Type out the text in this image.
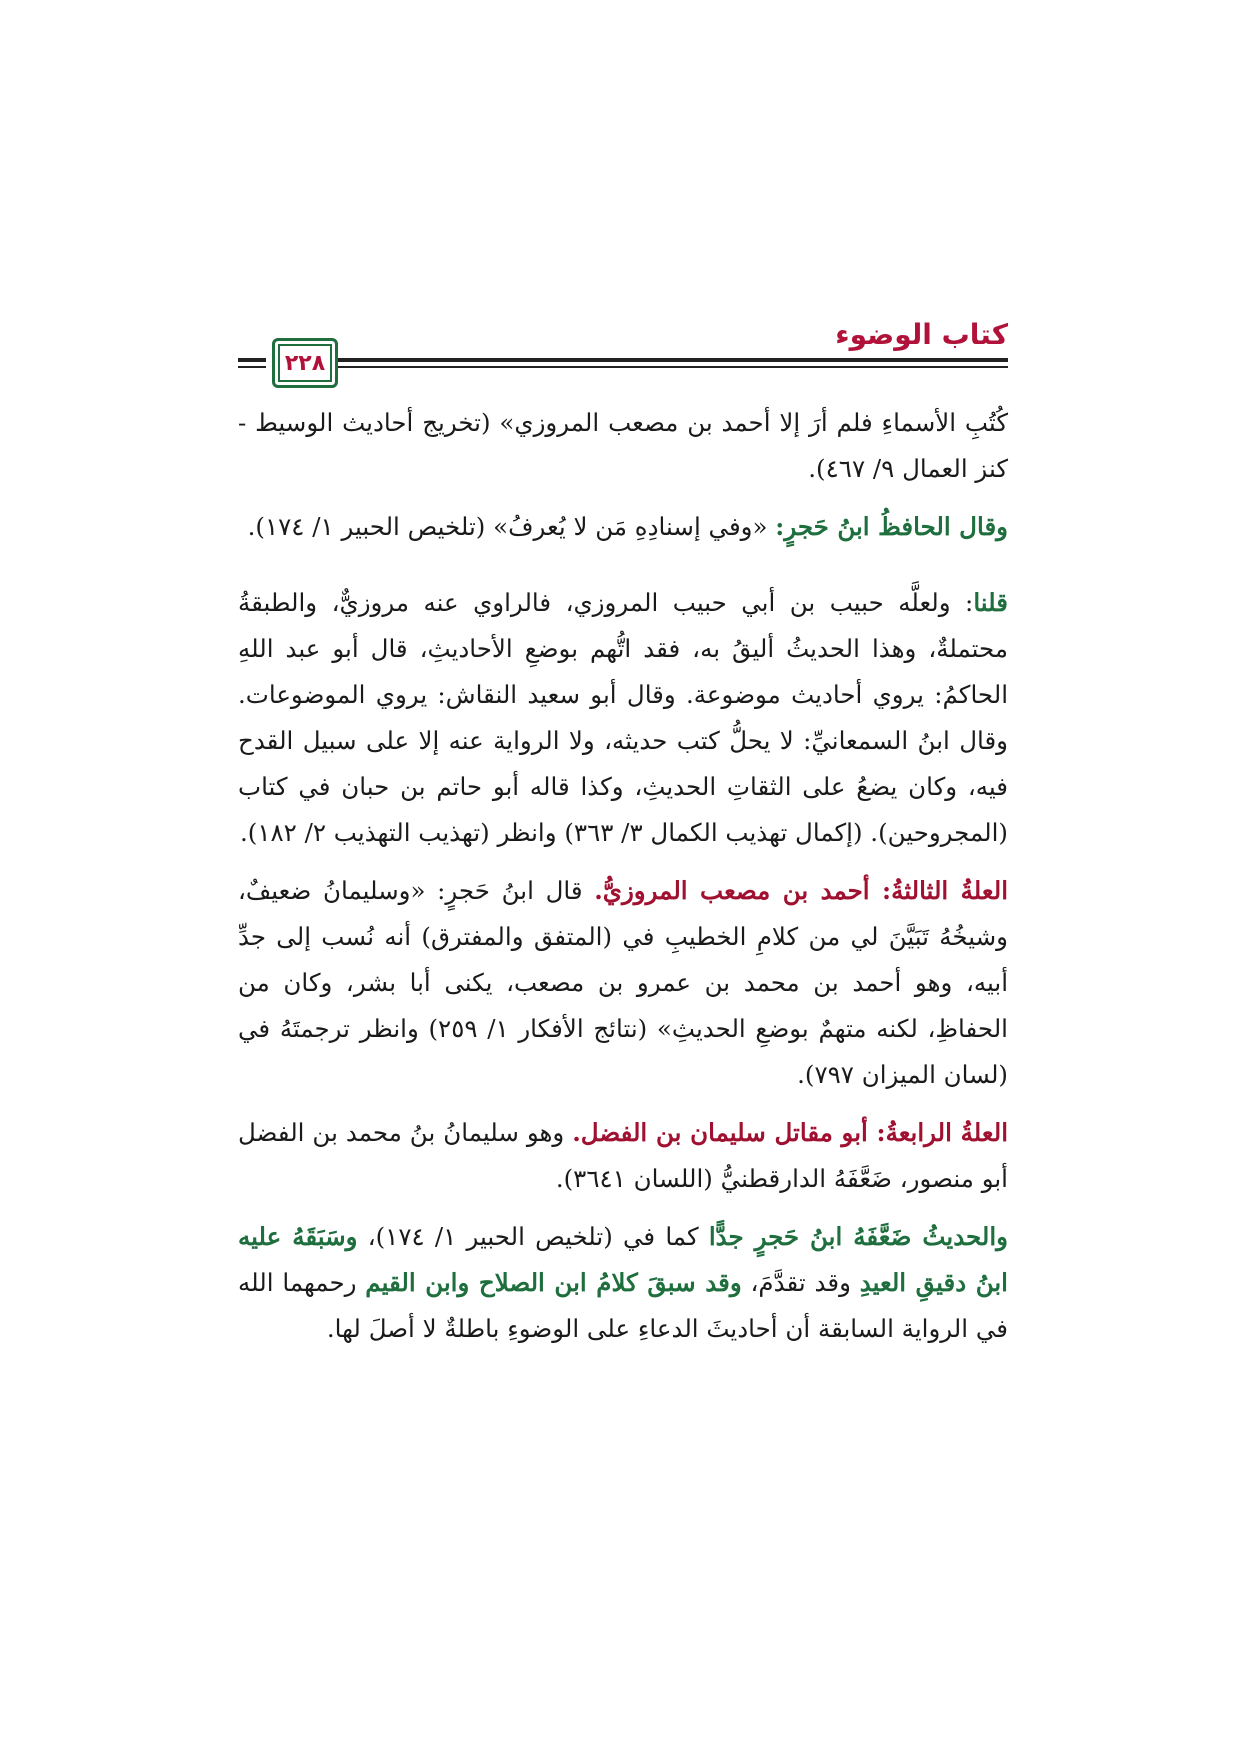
كتاب الوضوء
٢٢٨

كُتُبِ الأسماءِ فلم أرَ إلا أحمد بن مصعب المروزي» (تخريج أحاديث الوسيط - كنز العمال ٩/ ٤٦٧).

وقال الحافظُ ابنُ حَجرٍ: «وفي إسنادِهِ مَن لا يُعرفُ» (تلخيص الحبير ١/ ١٧٤).

قلنا: ولعلَّه حبيب بن أبي حبيب المروزي، فالراوي عنه مروزيٌّ، والطبقةُ محتملةٌ، وهذا الحديثُ أليقُ به، فقد اتُّهم بوضعِ الأحاديثِ، قال أبو عبد اللهِ الحاكمُ: يروي أحاديث موضوعة. وقال أبو سعيد النقاش: يروي الموضوعات. وقال ابنُ السمعانيِّ: لا يحلُّ كتب حديثه، ولا الرواية عنه إلا على سبيل القدح فيه، وكان يضعُ على الثقاتِ الحديثِ، وكذا قاله أبو حاتم بن حبان في كتاب (المجروحين). (إكمال تهذيب الكمال ٣/ ٣٦٣) وانظر (تهذيب التهذيب ٢/ ١٨٢).

العلةُ الثالثةُ: أحمد بن مصعب المروزيُّ. قال ابنُ حَجرٍ: «وسليمانُ ضعيفٌ، وشيخُهُ تَبَيَّنَ لي من كلامِ الخطيبِ في (المتفق والمفترق) أنه نُسب إلى جدِّ أبيه، وهو أحمد بن محمد بن عمرو بن مصعب، يكنى أبا بشر، وكان من الحفاظِ، لكنه متهمٌ بوضعِ الحديثِ» (نتائج الأفكار ١/ ٢٥٩) وانظر ترجمتَهُ في (لسان الميزان ٧٩٧).

العلةُ الرابعةُ: أبو مقاتل سليمان بن الفضل. وهو سليمانُ بنُ محمد بن الفضل أبو منصور، ضَعَّفَهُ الدارقطنيُّ (اللسان ٣٦٤١).

والحديثُ ضَعَّفَهُ ابنُ حَجرٍ جدًّا كما في (تلخيص الحبير ١/ ١٧٤)، وسَبَقَهُ عليه ابنُ دقيقِ العيدِ وقد تقدَّمَ، وقد سبقَ كلامُ ابن الصلاح وابن القيم رحمهما الله في الرواية السابقة أن أحاديثَ الدعاءِ على الوضوءِ باطلةٌ لا أصلَ لها.
